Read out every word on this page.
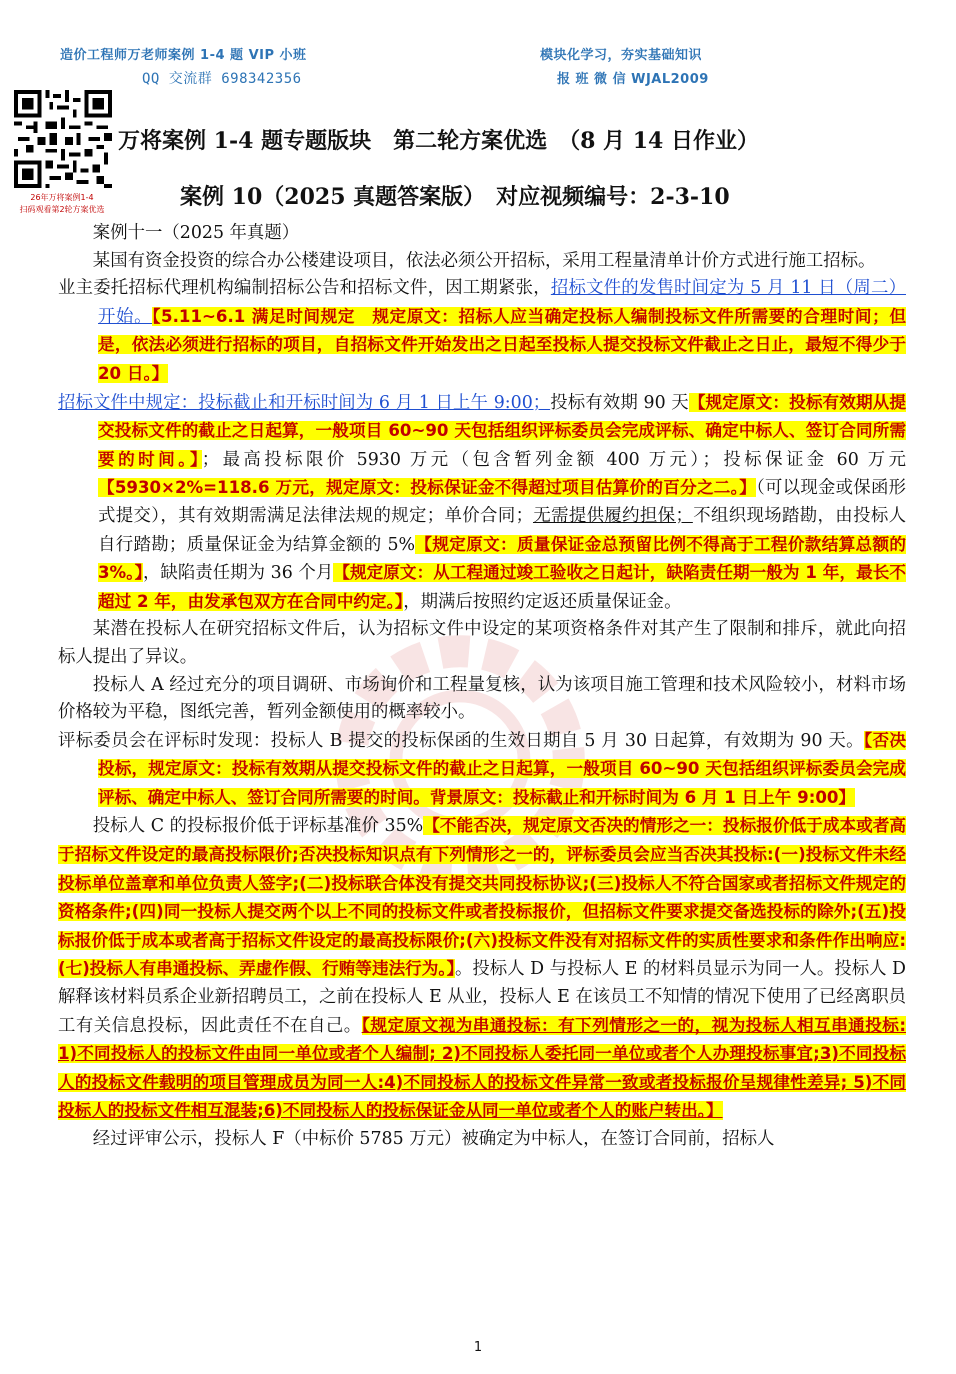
造价工程师万老师案例 1-4 题 VIP 小班
QQ 交流群 698342356
模块化学习，夯实基础知识
报 班 微 信 WJAL2009
26年万将案例1-4
扫码观看第2轮方案优选
万将案例 1-4 题专题版块　第二轮方案优选　（8 月 14 日作业）
案例 10（2025 真题答案版）　对应视频编号：2-3-10

案例十一（2025 年真题）

某国有资金投资的综合办公楼建设项目，依法必须公开招标，采用工程量清单计价方式进行施工招标。

业主委托招标代理机构编制招标公告和招标文件，因工期紧张，招标文件的发售时间定为 5 月 11 日（周二）开始。【5.11~6.1 满足时间规定　规定原文：招标人应当确定投标人编制投标文件所需要的合理时间；但是，依法必须进行招标的项目，自招标文件开始发出之日起至投标人提交投标文件截止之日止，最短不得少于 20 日。】

招标文件中规定：投标截止和开标时间为 6 月 1 日上午 9:00；投标有效期 90 天【规定原文：投标有效期从提交投标文件的截止之日起算，一般项目 60~90 天包括组织评标委员会完成评标、确定中标人、签订合同所需要的时间。】；最高投标限价 5930 万元（包含暂列金额 400 万元）；投标保证金 60 万元【5930×2%=118.6 万元，规定原文：投标保证金不得超过项目估算价的百分之二。】（可以现金或保函形式提交），其有效期需满足法律法规的规定；单价合同；无需提供履约担保；不组织现场踏勘，由投标人自行踏勘；质量保证金为结算金额的 5%【规定原文：质量保证金总预留比例不得高于工程价款结算总额的 3%。】，缺陷责任期为 36 个月【规定原文：从工程通过竣工验收之日起计，缺陷责任期一般为 1 年，最长不超过 2 年，由发承包双方在合同中约定。】，期满后按照约定返还质量保证金。

某潜在投标人在研究招标文件后，认为招标文件中设定的某项资格条件对其产生了限制和排斥，就此向招标人提出了异议。

投标人 A 经过充分的项目调研、市场询价和工程量复核，认为该项目施工管理和技术风险较小，材料市场价格较为平稳，图纸完善，暂列金额使用的概率较小。

评标委员会在评标时发现：投标人 B 提交的投标保函的生效日期自 5 月 30 日起算，有效期为 90 天。【否决投标，规定原文：投标有效期从提交投标文件的截止之日起算，一般项目 60~90 天包括组织评标委员会完成评标、确定中标人、签订合同所需要的时间。背景原文：投标截止和开标时间为 6 月 1 日上午 9:00】

投标人 C 的投标报价低于评标基准价 35%【不能否决，规定原文否决的情形之一：投标报价低于成本或者高于招标文件设定的最高投标限价;否决投标知识点有下列情形之一的，评标委员会应当否决其投标:(一)投标文件未经投标单位盖章和单位负责人签字;(二)投标联合体没有提交共同投标协议;(三)投标人不符合国家或者招标文件规定的资格条件;(四)同一投标人提交两个以上不同的投标文件或者投标报价，但招标文件要求提交备选投标的除外;(五)投标报价低于成本或者高于招标文件设定的最高投标限价;(六)投标文件没有对招标文件的实质性要求和条件作出响应:(七)投标人有串通投标、弄虚作假、行贿等违法行为。】。投标人 D 与投标人 E 的材料员显示为同一人。投标人 D 解释该材料员系企业新招聘员工，之前在投标人 E 从业，投标人 E 在该员工不知情的情况下使用了已经离职员工有关信息投标，因此责任不在自己。【规定原文视为串通投标：有下列情形之一的，视为投标人相互串通投标: 1)不同投标人的投标文件由同一单位或者个人编制; 2)不同投标人委托同一单位或者个人办理投标事宜;3)不同投标人的投标文件载明的项目管理成员为同一人:4)不同投标人的投标文件异常一致或者投标报价呈规律性差异; 5)不同投标人的投标文件相互混装;6)不同投标人的投标保证金从同一单位或者个人的账户转出。】

经过评审公示，投标人 F（中标价 5785 万元）被确定为中标人，在签订合同前，招标人

1
